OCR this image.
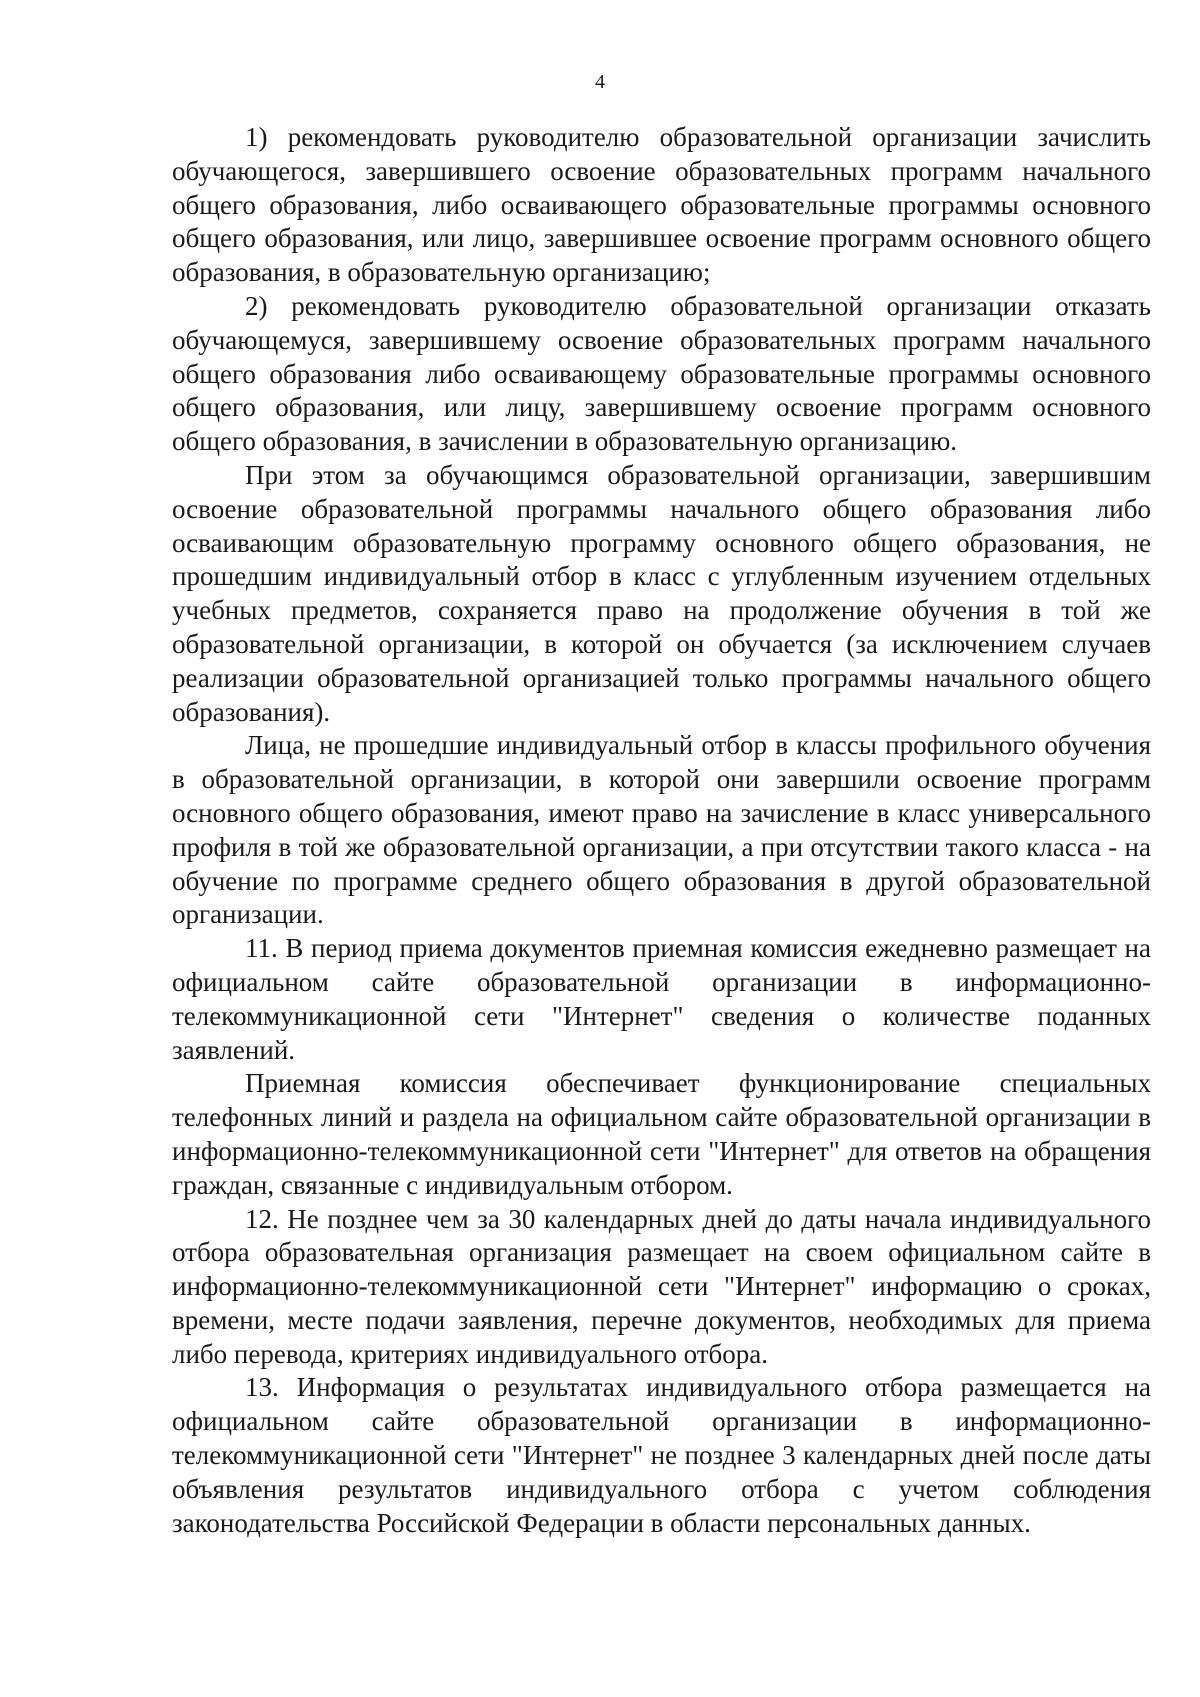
4

1) рекомендовать руководителю образовательной организации зачислить обучающегося, завершившего освоение образовательных программ начального общего образования, либо осваивающего образовательные программы основного общего образования, или лицо, завершившее освоение программ основного общего образования, в образовательную организацию;

2) рекомендовать руководителю образовательной организации отказать обучающемуся, завершившему освоение образовательных программ начального общего образования либо осваивающему образовательные программы основного общего образования, или лицу, завершившему освоение программ основного общего образования, в зачислении в образовательную организацию.

При этом за обучающимся образовательной организации, завершившим освоение образовательной программы начального общего образования либо осваивающим образовательную программу основного общего образования, не прошедшим индивидуальный отбор в класс с углубленным изучением отдельных учебных предметов, сохраняется право на продолжение обучения в той же образовательной организации, в которой он обучается (за исключением случаев реализации образовательной организацией только программы начального общего образования).

Лица, не прошедшие индивидуальный отбор в классы профильного обучения в образовательной организации, в которой они завершили освоение программ основного общего образования, имеют право на зачисление в класс универсального профиля в той же образовательной организации, а при отсутствии такого класса - на обучение по программе среднего общего образования в другой образовательной организации.

11. В период приема документов приемная комиссия ежедневно размещает на официальном сайте образовательной организации в информационно-телекоммуникационной сети "Интернет" сведения о количестве поданных заявлений.

Приемная комиссия обеспечивает функционирование специальных телефонных линий и раздела на официальном сайте образовательной организации в информационно-телекоммуникационной сети "Интернет" для ответов на обращения граждан, связанные с индивидуальным отбором.

12. Не позднее чем за 30 календарных дней до даты начала индивидуального отбора образовательная организация размещает на своем официальном сайте в информационно-телекоммуникационной сети "Интернет" информацию о сроках, времени, месте подачи заявления, перечне документов, необходимых для приема либо перевода, критериях индивидуального отбора.

13. Информация о результатах индивидуального отбора размещается на официальном сайте образовательной организации в информационно-телекоммуникационной сети "Интернет" не позднее 3 календарных дней после даты объявления результатов индивидуального отбора с учетом соблюдения законодательства Российской Федерации в области персональных данных.
